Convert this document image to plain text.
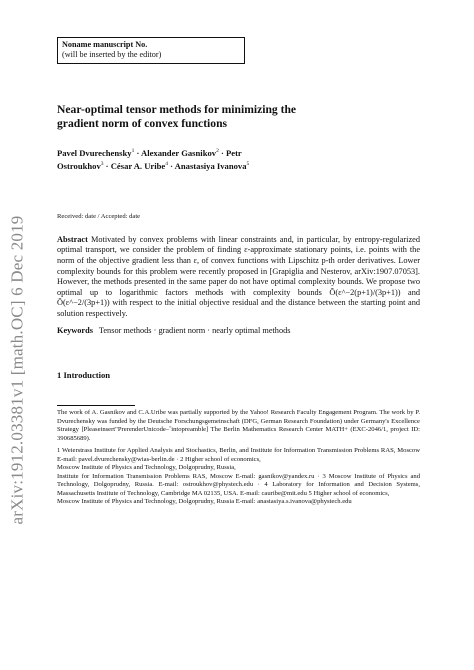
arXiv:1912.03381v1 [math.OC] 6 Dec 2019
Noname manuscript No.
(will be inserted by the editor)
Near-optimal tensor methods for minimizing the gradient norm of convex functions
Pavel Dvurechensky$^1$ · Alexander Gasnikov$^2$ · Petr Ostroukhov$^3$ · César A. Uribe$^4$ · Anastasiya Ivanova$^5$
Received: date / Accepted: date
Abstract Motivated by convex problems with linear constraints and, in particular, by entropy-regularized optimal transport, we consider the problem of finding ε-approximate stationary points, i.e. points with the norm of the objective gradient less than ε, of convex functions with Lipschitz p-th order derivatives. Lower complexity bounds for this problem were recently proposed in [Grapiglia and Nesterov, arXiv:1907.07053]. However, the methods presented in the same paper do not have optimal complexity bounds. We propose two optimal up to logarithmic factors methods with complexity bounds Õ(ε^−2(p+1)/(3p+1)) and Õ(ε^−2/(3p+1)) with respect to the initial objective residual and the distance between the starting point and solution respectively.
Keywords Tensor methods · gradient norm · nearly optimal methods
1 Introduction

The work of A. Gasnikov and C.A.Uribe was partially supported by the Yahoo! Research Faculty Engagement Program. The work by P. Dvurechensky was funded by the Deutsche Forschungsgemeinschaft (DFG, German Research Foundation) under Germany's Excellence Strategy [Pleaseinsert"PrerenderUnicode–˝intopreamble] The Berlin Mathematics Research Center MATH+ (EXC-2046/1, project ID: 390685689).

1 Weierstrass Institute for Applied Analysis and Stochastics, Berlin, and Institute for Information Transmission Problems RAS, Moscow E-mail: pavel.dvurechensky@wias-berlin.de · 2 Higher school of economics,

Moscow Institute of Physics and Technology, Dolgoprudny, Russia,

Institute for Information Transmission Problems RAS, Moscow E-mail: gasnikov@yandex.ru · 3 Moscow Institute of Physics and Technology, Dolgoprudny, Russia. E-mail: ostroukhov@phystech.edu · 4 Laboratory for Information and Decision Systems, Massachusetts Institute of Technology, Cambridge MA 02135, USA. E-mail: cauribe@mit.edu 5 Higher school of economics,

Moscow Institute of Physics and Technology, Dolgoprudny, Russia E-mail: anastasiya.s.ivanova@phystech.edu
